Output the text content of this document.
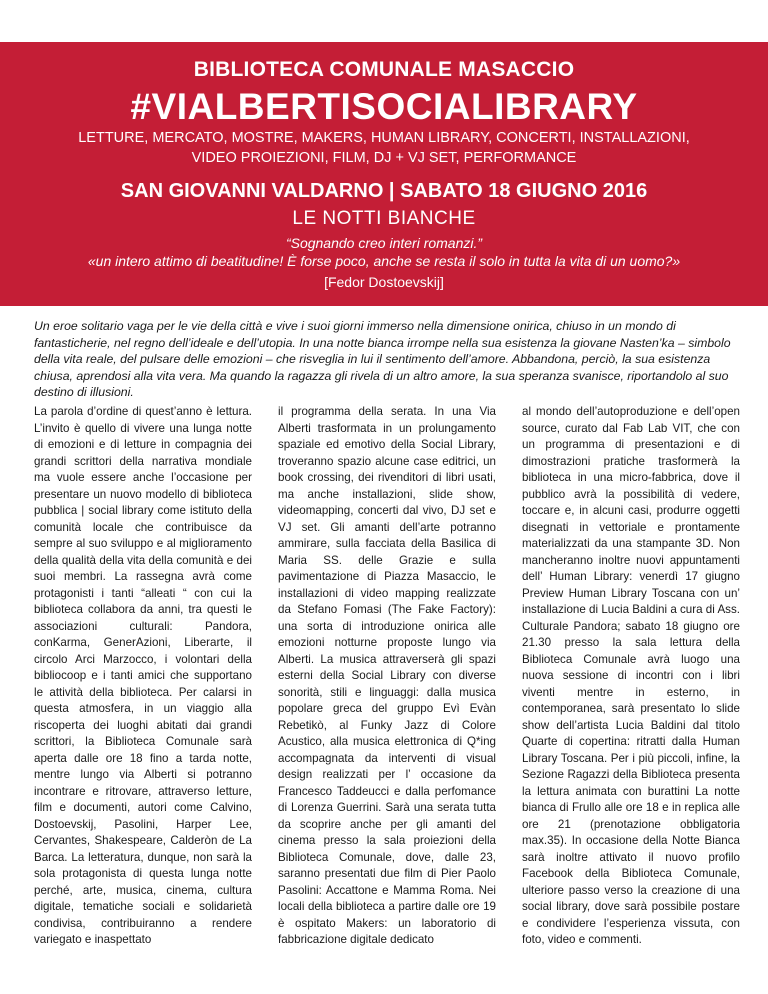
BIBLIOTECA COMUNALE MASACCIO
#VIALBERTISOCIALIBRARY
LETTURE, MERCATO, MOSTRE, MAKERS, HUMAN LIBRARY, CONCERTI, INSTALLAZIONI,
VIDEO PROIEZIONI, FILM, DJ + VJ SET, PERFORMANCE
SAN GIOVANNI VALDARNO | SABATO 18 GIUGNO 2016
LE NOTTI BIANCHE
“Sognando creo interi romanzi.”
«un intero attimo di beatitudine! È forse poco, anche se resta il solo in tutta la vita di un uomo?»
[Fedor Dostoevskij]
Un eroe solitario vaga per le vie della città e vive i suoi giorni immerso nella dimensione onirica, chiuso in un mondo di fantasticherie, nel regno dell’ideale e dell’utopia. In una notte bianca irrompe nella sua esistenza la giovane Nasten’ka – simbolo della vita reale, del pulsare delle emozioni – che risveglia in lui il sentimento dell’amore. Abbandona, perciò, la sua esistenza chiusa, aprendosi alla vita vera. Ma quando la ragazza gli rivela di un altro amore, la sua speranza svanisce, riportandolo al suo destino di illusioni.
La parola d’ordine di quest’anno è lettura. L’invito è quello di vivere una lunga notte di emozioni e di letture in compagnia dei grandi scrittori della narrativa mondiale ma vuole essere anche l’occasione per presentare un nuovo modello di biblioteca pubblica | social library come istituto della comunità locale che contribuisce da sempre al suo sviluppo e al miglioramento della qualità della vita della comunità e dei suoi membri. La rassegna avrà come protagonisti i tanti “alleati “ con cui la biblioteca collabora da anni, tra questi le associazioni culturali: Pandora, conKarma, GenerAzioni, Liberarte, il circolo Arci Marzocco, i volontari della bibliocoop e i tanti amici che supportano le attività della biblioteca. Per calarsi in questa atmosfera, in un viaggio alla riscoperta dei luoghi abitati dai grandi scrittori, la Biblioteca Comunale sarà aperta dalle ore 18 fino a tarda notte, mentre lungo via Alberti si potranno incontrare e ritrovare, attraverso letture, film e documenti, autori come Calvino, Dostoevskij, Pasolini, Harper Lee, Cervantes, Shakespeare, Calderòn de La Barca. La letteratura, dunque, non sarà la sola protagonista di questa lunga notte perché, arte, musica, cinema, cultura digitale, tematiche sociali e solidarietà condivisa, contribuiranno a rendere variegato e inaspettato
il programma della serata. In una Via Alberti trasformata in un prolungamento spaziale ed emotivo della Social Library, troveranno spazio alcune case editrici, un book crossing, dei rivenditori di libri usati, ma anche installazioni, slide show, videomapping, concerti dal vivo, DJ set e VJ set. Gli amanti dell’arte potranno ammirare, sulla facciata della Basilica di Maria SS. delle Grazie e sulla pavimentazione di Piazza Masaccio, le installazioni di video mapping realizzate da Stefano Fomasi (The Fake Factory): una sorta di introduzione onirica alle emozioni notturne proposte lungo via Alberti. La musica attraverserà gli spazi esterni della Social Library con diverse sonorità, stili e linguaggi: dalla musica popolare greca del gruppo Evì Evàn Rebetikò, al Funky Jazz di Colore Acustico, alla musica elettronica di Q*ing accompagnata da interventi di visual design realizzati per l’ occasione da Francesco Taddeucci e dalla perfomance di Lorenza Guerrini. Sarà una serata tutta da scoprire anche per gli amanti del cinema presso la sala proiezioni della Biblioteca Comunale, dove, dalle 23, saranno presentati due film di Pier Paolo Pasolini: Accattone e Mamma Roma. Nei locali della biblioteca a partire dalle ore 19 è ospitato Makers: un laboratorio di fabbricazione digitale dedicato
al mondo dell’autoproduzione e dell’open source, curato dal Fab Lab VIT, che con un programma di presentazioni e di dimostrazioni pratiche trasformerà la biblioteca in una micro-fabbrica, dove il pubblico avrà la possibilità di vedere, toccare e, in alcuni casi, produrre oggetti disegnati in vettoriale e prontamente materializzati da una stampante 3D. Non mancheranno inoltre nuovi appuntamenti dell’ Human Library: venerdì 17 giugno Preview Human Library Toscana con un’ installazione di Lucia Baldini a cura di Ass. Culturale Pandora; sabato 18 giugno ore 21.30 presso la sala lettura della Biblioteca Comunale avrà luogo una nuova sessione di incontri con i libri viventi mentre in esterno, in contemporanea, sarà presentato lo slide show dell’artista Lucia Baldini dal titolo Quarte di copertina: ritratti dalla Human Library Toscana. Per i più piccoli, infine, la Sezione Ragazzi della Biblioteca presenta la lettura animata con burattini La notte bianca di Frullo alle ore 18 e in replica alle ore 21 (prenotazione obbligatoria max.35). In occasione della Notte Bianca sarà inoltre attivato il nuovo profilo Facebook della Biblioteca Comunale, ulteriore passo verso la creazione di una social library, dove sarà possibile postare e condividere l’esperienza vissuta, con foto, video e commenti.
